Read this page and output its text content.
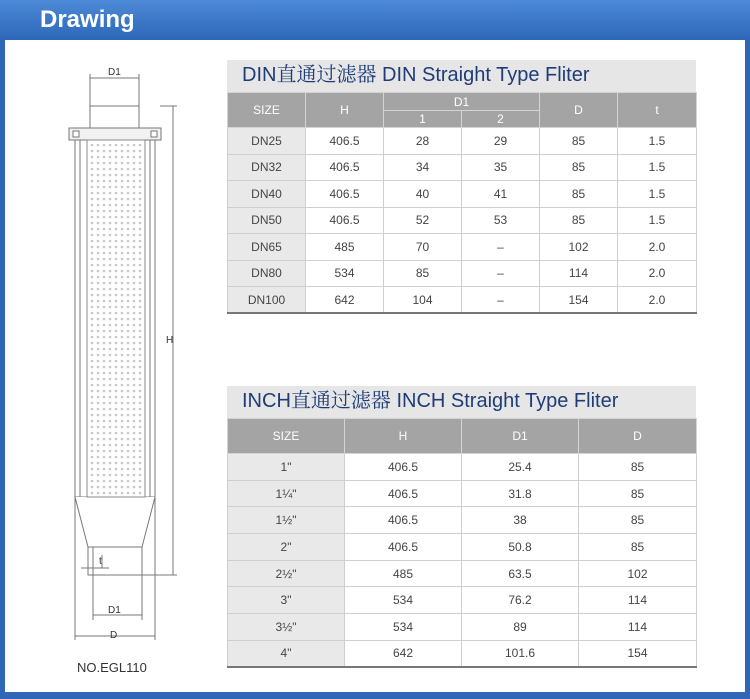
Drawing
D1
H
t
D1
D
NO.EGL110
DIN直通过滤器 DIN Straight Type Fliter
SIZE	H	D1		D	t
		1	2		
DN25	406.5	28	29	85	1.5
DN32	406.5	34	35	85	1.5
DN40	406.5	40	41	85	1.5
DN50	406.5	52	53	85	1.5
DN65	485	70	–	102	2.0
DN80	534	85	–	114	2.0
DN100	642	104	–	154	2.0
INCH直通过滤器 INCH Straight Type Fliter
SIZE	H	D1	D
1"	406.5	25.4	85
1¼"	406.5	31.8	85
1½"	406.5	38	85
2"	406.5	50.8	85
2½"	485	63.5	102
3"	534	76.2	114
3½"	534	89	114
4"	642	101.6	154
